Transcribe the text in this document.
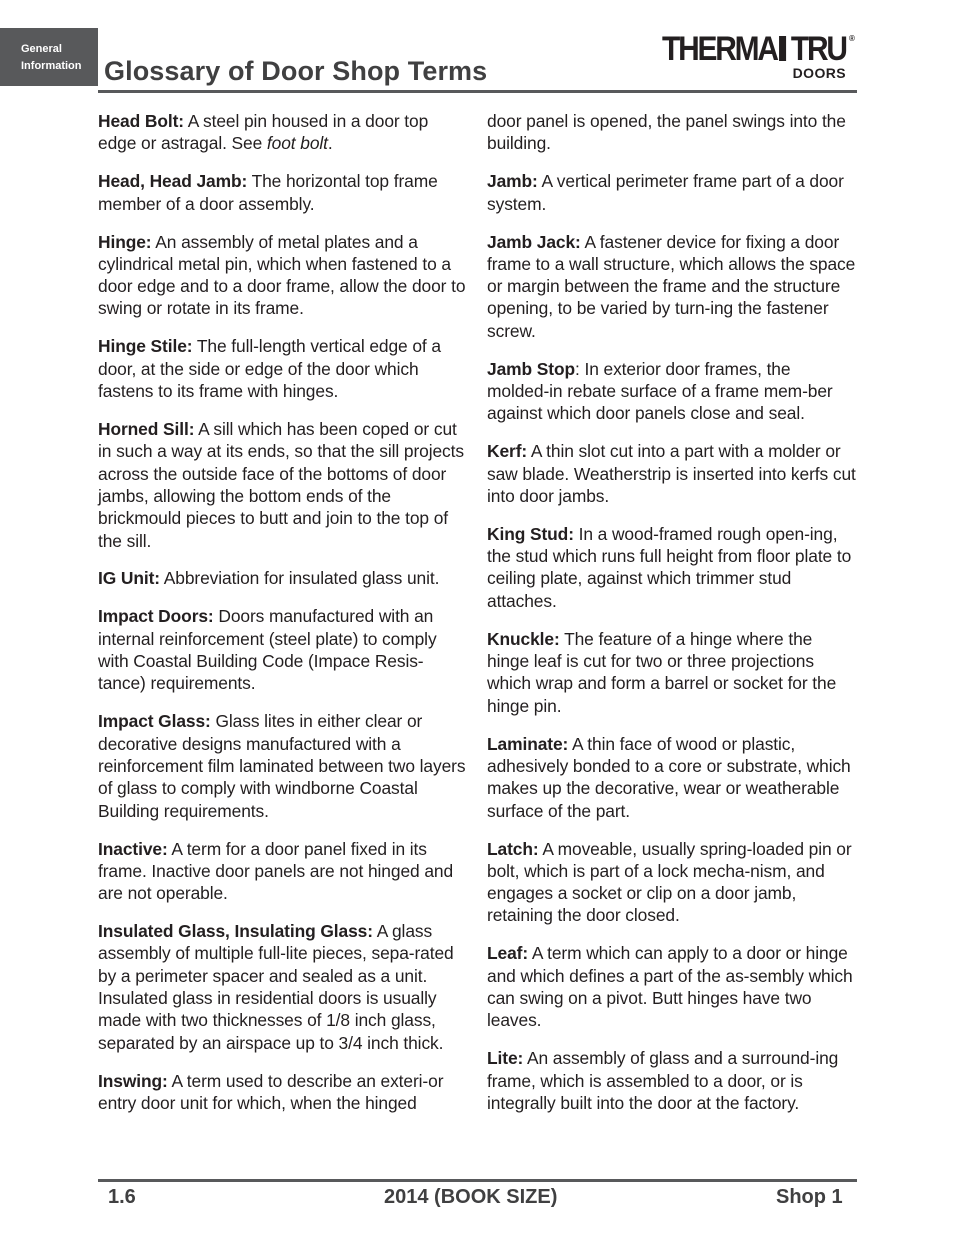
General
Information Glossary of Door Shop Terms
THERMA TRU ®
DOORS

Head Bolt: A steel pin housed in a door top edge or astragal. See foot bolt.

Head, Head Jamb: The horizontal top frame member of a door assembly.

Hinge: An assembly of metal plates and a cylindrical metal pin, which when fastened to a door edge and to a door frame, allow the door to swing or rotate in its frame.

Hinge Stile: The full-length vertical edge of a door, at the side or edge of the door which fastens to its frame with hinges.

Horned Sill: A sill which has been coped or cut in such a way at its ends, so that the sill projects across the outside face of the bottoms of door jambs, allowing the bottom ends of the brickmould pieces to butt and join to the top of the sill.

IG Unit: Abbreviation for insulated glass unit.

Impact Doors: Doors manufactured with an internal reinforcement (steel plate) to comply with Coastal Building Code (Impace Resis-tance) requirements.

Impact Glass: Glass lites in either clear or decorative designs manufactured with a reinforcement film laminated between two layers of glass to comply with windborne Coastal Building requirements.

Inactive: A term for a door panel fixed in its frame. Inactive door panels are not hinged and are not operable.

Insulated Glass, Insulating Glass: A glass assembly of multiple full-lite pieces, sepa-rated by a perimeter spacer and sealed as a unit. Insulated glass in residential doors is usually made with two thicknesses of 1/8 inch glass, separated by an airspace up to 3/4 inch thick.

Inswing: A term used to describe an exteri-or entry door unit for which, when the hinged

door panel is opened, the panel swings into the building.

Jamb: A vertical perimeter frame part of a door system.

Jamb Jack: A fastener device for fixing a door frame to a wall structure, which allows the space or margin between the frame and the structure opening, to be varied by turn-ing the fastener screw.

Jamb Stop: In exterior door frames, the molded-in rebate surface of a frame mem-ber against which door panels close and seal.

Kerf: A thin slot cut into a part with a molder or saw blade. Weatherstrip is inserted into kerfs cut into door jambs.

King Stud: In a wood-framed rough open-ing, the stud which runs full height from floor plate to ceiling plate, against which trimmer stud attaches.

Knuckle: The feature of a hinge where the hinge leaf is cut for two or three projections which wrap and form a barrel or socket for the hinge pin.

Laminate: A thin face of wood or plastic, adhesively bonded to a core or substrate, which makes up the decorative, wear or weatherable surface of the part.

Latch: A moveable, usually spring-loaded pin or bolt, which is part of a lock mecha-nism, and engages a socket or clip on a door jamb, retaining the door closed.

Leaf: A term which can apply to a door or hinge and which defines a part of the as-sembly which can swing on a pivot. Butt hinges have two leaves.

Lite: An assembly of glass and a surround-ing frame, which is assembled to a door, or is integrally built into the door at the factory.

1.6	2014 (BOOK SIZE)	Shop 1
